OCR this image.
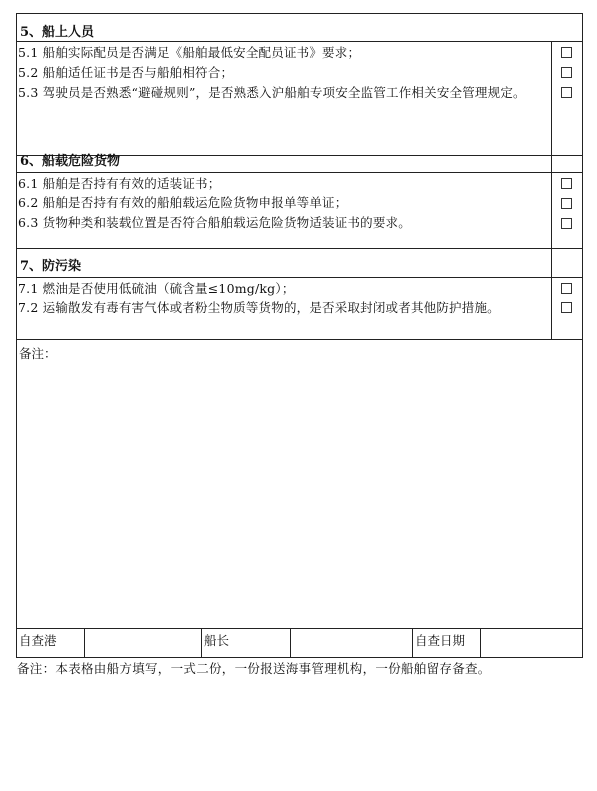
5、船上人员
5.1 船舶实际配员是否满足《船舶最低安全配员证书》要求；
5.2 船舶适任证书是否与船舶相符合；
5.3 驾驶员是否熟悉“避碰规则”，是否熟悉入沪船舶专项安全监管工作相关安全管理规定。
6、船载危险货物
6.1 船舶是否持有有效的适装证书；
6.2 船舶是否持有有效的船舶载运危险货物申报单等单证；
6.3 货物种类和装载位置是否符合船舶载运危险货物适装证书的要求。
7、防污染
7.1 燃油是否使用低硫油（硫含量≤10mg/kg）；
7.2 运输散发有毒有害气体或者粉尘物质等货物的，是否采取封闭或者其他防护措施。
备注：
自查港	船长	自查日期
备注：本表格由船方填写，一式二份，一份报送海事管理机构，一份船舶留存备查。
